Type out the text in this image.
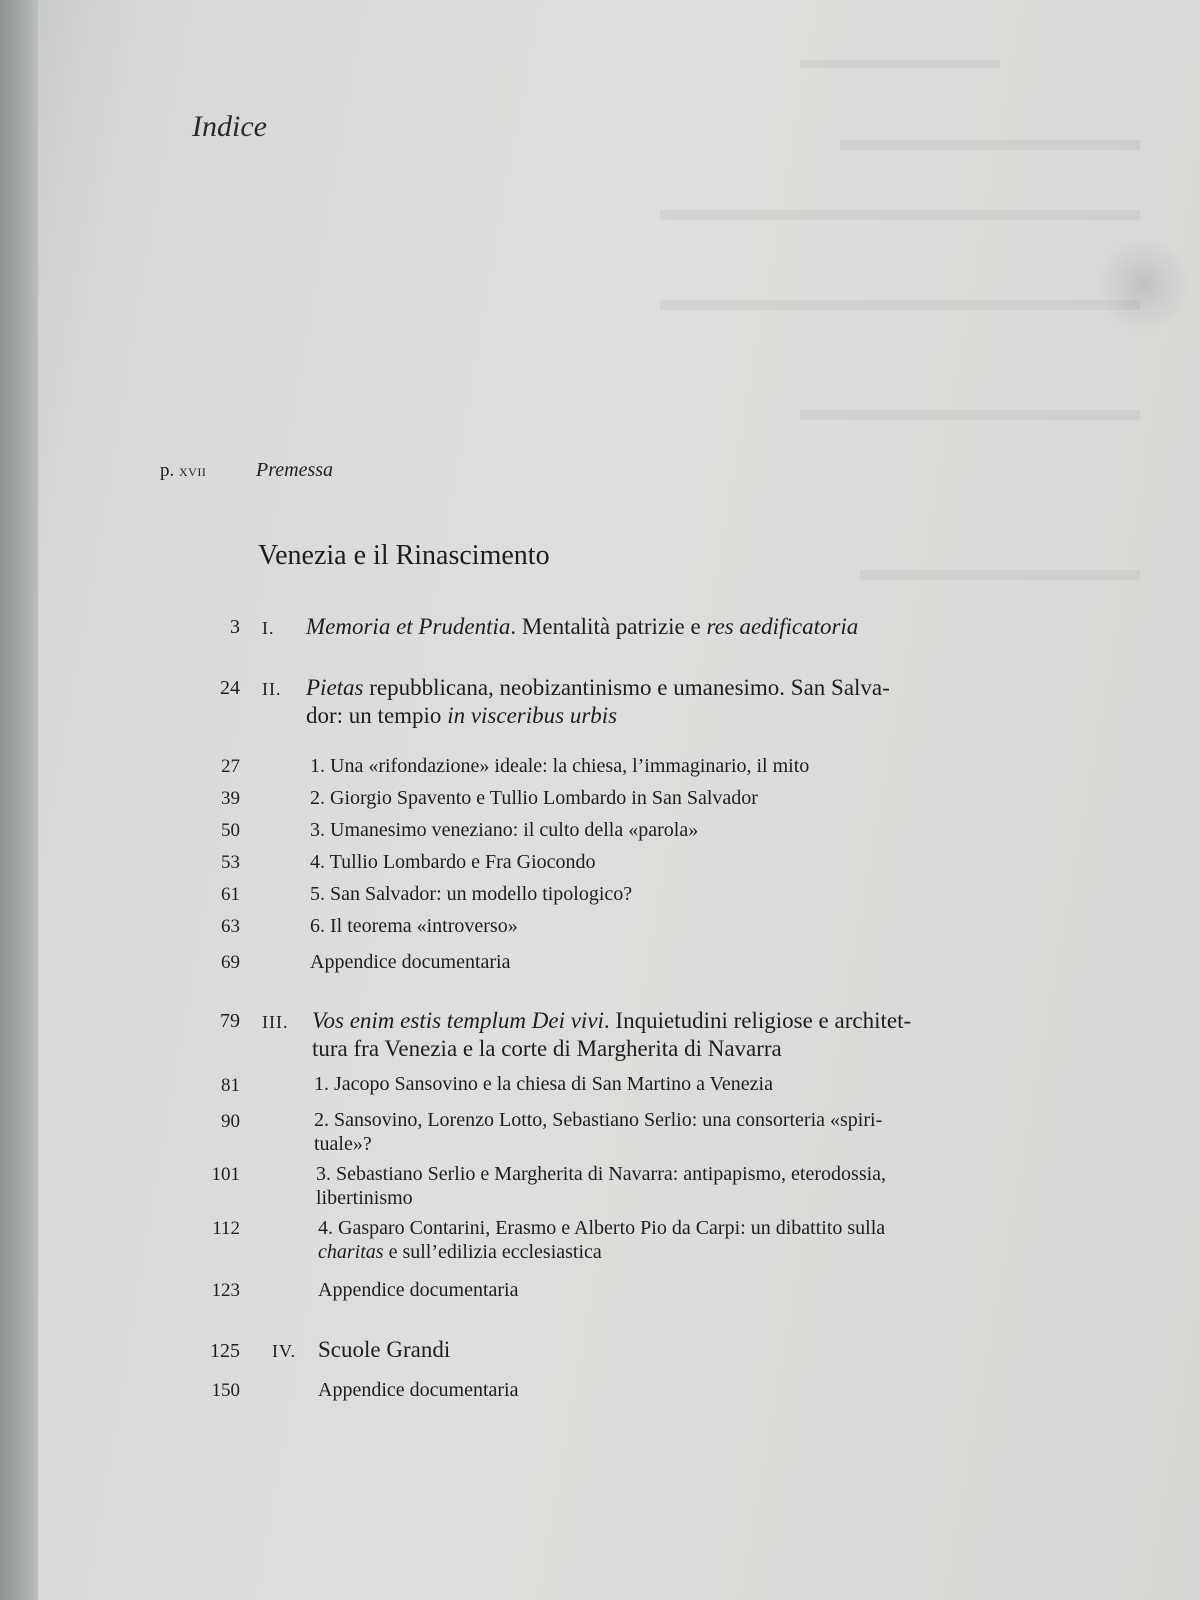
Indice
p. xvii Premessa
Venezia e il Rinascimento
3 I. Memoria et Prudentia. Mentalità patrizie e res aedificatoria
24 II. Pietas repubblicana, neobizantinismo e umanesimo. San Salva-
dor: un tempio in visceribus urbis
27	1. Una «rifondazione» ideale: la chiesa, l’immaginario, il mito
39	2. Giorgio Spavento e Tullio Lombardo in San Salvador
50	3. Umanesimo veneziano: il culto della «parola»
53	4. Tullio Lombardo e Fra Giocondo
61	5. San Salvador: un modello tipologico?
63	6. Il teorema «introverso»
69	Appendice documentaria
79 III. Vos enim estis templum Dei vivi. Inquietudini religiose e architet-
tura fra Venezia e la corte di Margherita di Navarra
81	1. Jacopo Sansovino e la chiesa di San Martino a Venezia
90	2. Sansovino, Lorenzo Lotto, Sebastiano Serlio: una consorteria «spiri-
tuale»?
101	3. Sebastiano Serlio e Margherita di Navarra: antipapismo, eterodossia,
libertinismo
112	4. Gasparo Contarini, Erasmo e Alberto Pio da Carpi: un dibattito sulla
charitas e sull’edilizia ecclesiastica
123	Appendice documentaria
125 IV. Scuole Grandi
150	Appendice documentaria
